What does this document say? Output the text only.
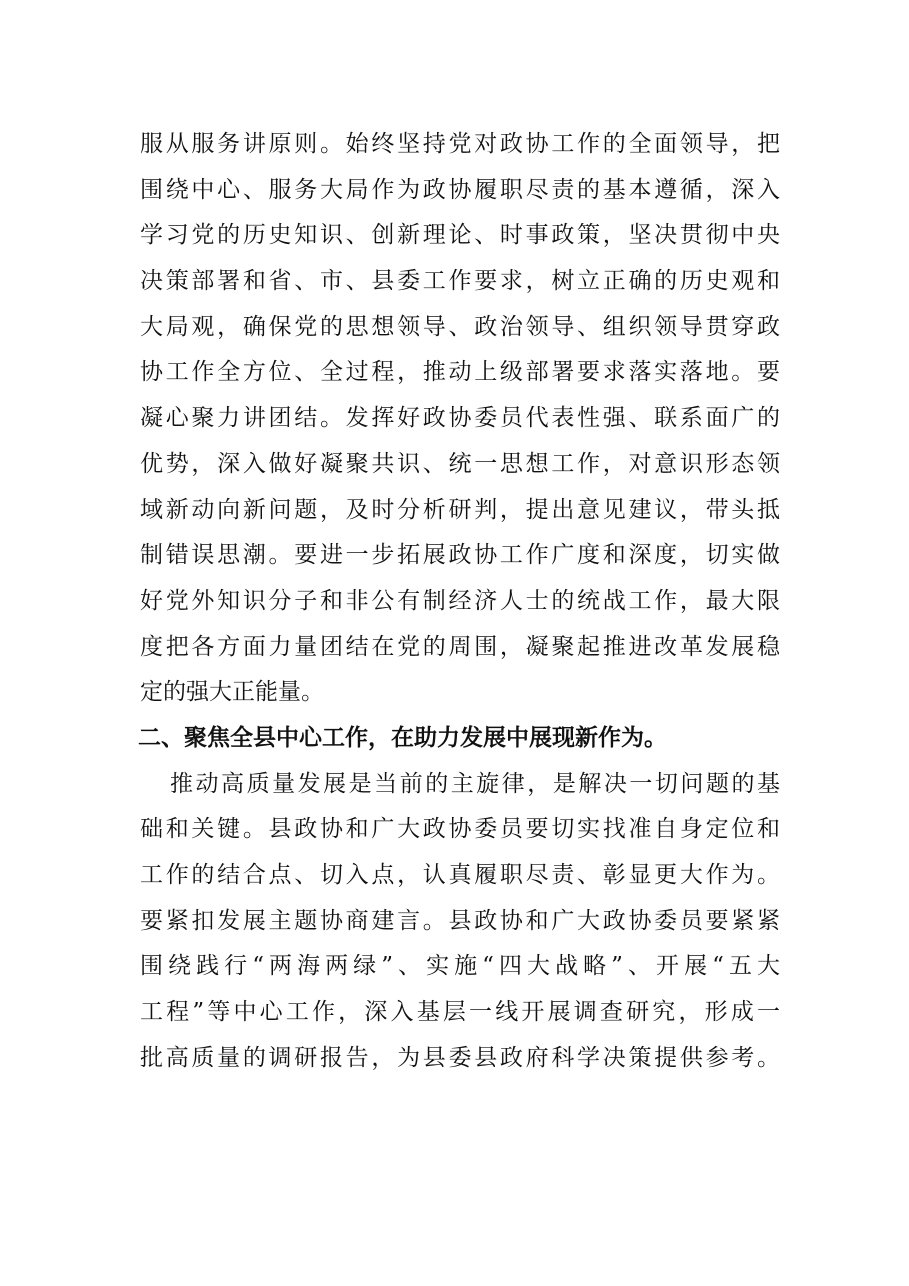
服从服务讲原则。始终坚持党对政协工作的全面领导，把
围绕中心、服务大局作为政协履职尽责的基本遵循，深入
学习党的历史知识、创新理论、时事政策，坚决贯彻中央
决策部署和省、市、县委工作要求，树立正确的历史观和
大局观，确保党的思想领导、政治领导、组织领导贯穿政
协工作全方位、全过程，推动上级部署要求落实落地。要
凝心聚力讲团结。发挥好政协委员代表性强、联系面广的
优势，深入做好凝聚共识、统一思想工作，对意识形态领
域新动向新问题，及时分析研判，提出意见建议，带头抵
制错误思潮。要进一步拓展政协工作广度和深度，切实做
好党外知识分子和非公有制经济人士的统战工作，最大限
度把各方面力量团结在党的周围，凝聚起推进改革发展稳
定的强大正能量。
二、聚焦全县中心工作，在助力发展中展现新作为。
推动高质量发展是当前的主旋律，是解决一切问题的基
础和关键。县政协和广大政协委员要切实找准自身定位和
工作的结合点、切入点，认真履职尽责、彰显更大作为。
要紧扣发展主题协商建言。县政协和广大政协委员要紧紧
围绕践行“两海两绿”、实施“四大战略”、开展“五大
工程”等中心工作，深入基层一线开展调查研究，形成一
批高质量的调研报告，为县委县政府科学决策提供参考。
